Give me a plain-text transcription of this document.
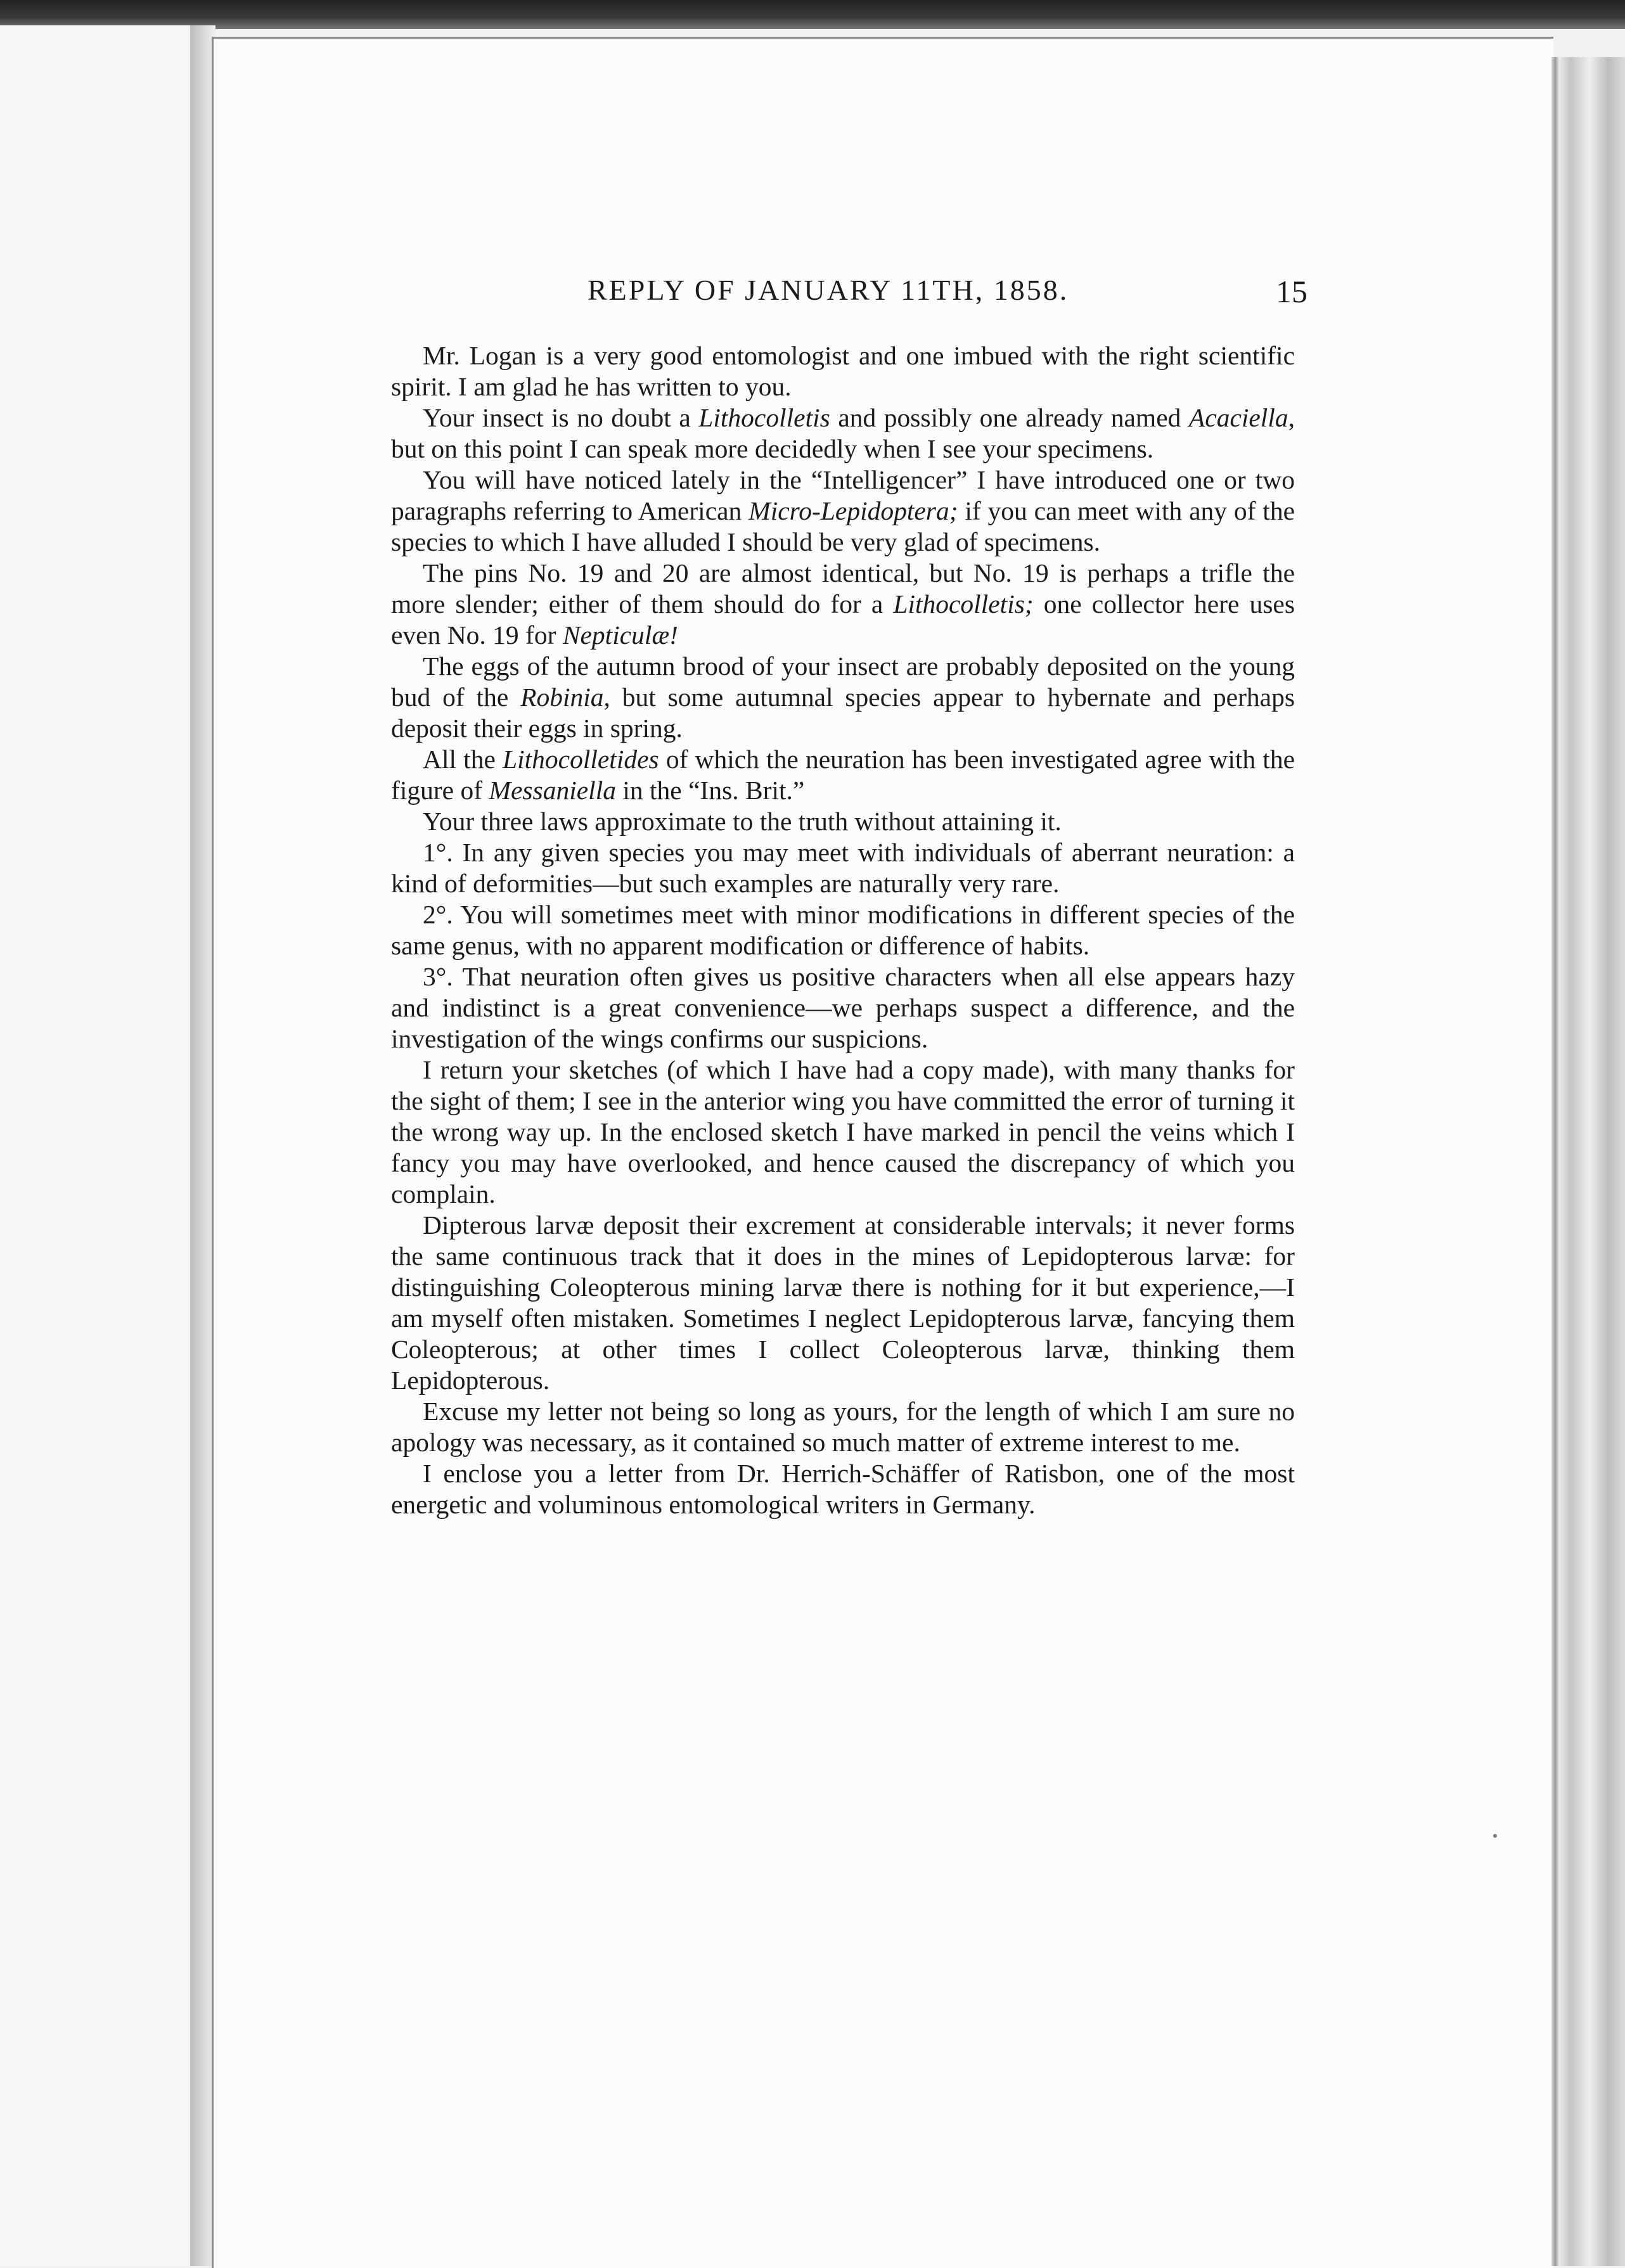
REPLY OF JANUARY 11TH, 1858.	15

Mr. Logan is a very good entomologist and one imbued with the right scientific spirit. I am glad he has written to you.

Your insect is no doubt a Lithocolletis and possibly one already named Acaciella, but on this point I can speak more decidedly when I see your specimens.

You will have noticed lately in the “Intelligencer” I have introduced one or two paragraphs referring to American Micro-Lepidoptera; if you can meet with any of the species to which I have alluded I should be very glad of specimens.

The pins No. 19 and 20 are almost identical, but No. 19 is perhaps a trifle the more slender; either of them should do for a Lithocolletis; one collector here uses even No. 19 for Nepticulæ!

The eggs of the autumn brood of your insect are probably deposited on the young bud of the Robinia, but some autumnal species appear to hybernate and perhaps deposit their eggs in spring.

All the Lithocolletides of which the neuration has been investigated agree with the figure of Messaniella in the “Ins. Brit.”

Your three laws approximate to the truth without attaining it.

1°. In any given species you may meet with individuals of aberrant neuration: a kind of deformities—but such examples are naturally very rare.

2°. You will sometimes meet with minor modifications in different species of the same genus, with no apparent modification or difference of habits.

3°. That neuration often gives us positive characters when all else appears hazy and indistinct is a great convenience—we perhaps suspect a difference, and the investigation of the wings confirms our suspicions.

I return your sketches (of which I have had a copy made), with many thanks for the sight of them; I see in the anterior wing you have committed the error of turning it the wrong way up. In the enclosed sketch I have marked in pencil the veins which I fancy you may have overlooked, and hence caused the discrepancy of which you complain.

Dipterous larvæ deposit their excrement at considerable intervals; it never forms the same continuous track that it does in the mines of Lepidopterous larvæ: for distinguishing Coleopterous mining larvæ there is nothing for it but experience,—I am myself often mistaken. Sometimes I neglect Lepidopterous larvæ, fancying them Coleopterous; at other times I collect Coleopterous larvæ, thinking them Lepidopterous.

Excuse my letter not being so long as yours, for the length of which I am sure no apology was necessary, as it contained so much matter of extreme interest to me.

I enclose you a letter from Dr. Herrich-Schäffer of Ratisbon, one of the most energetic and voluminous entomological writers in Germany.
